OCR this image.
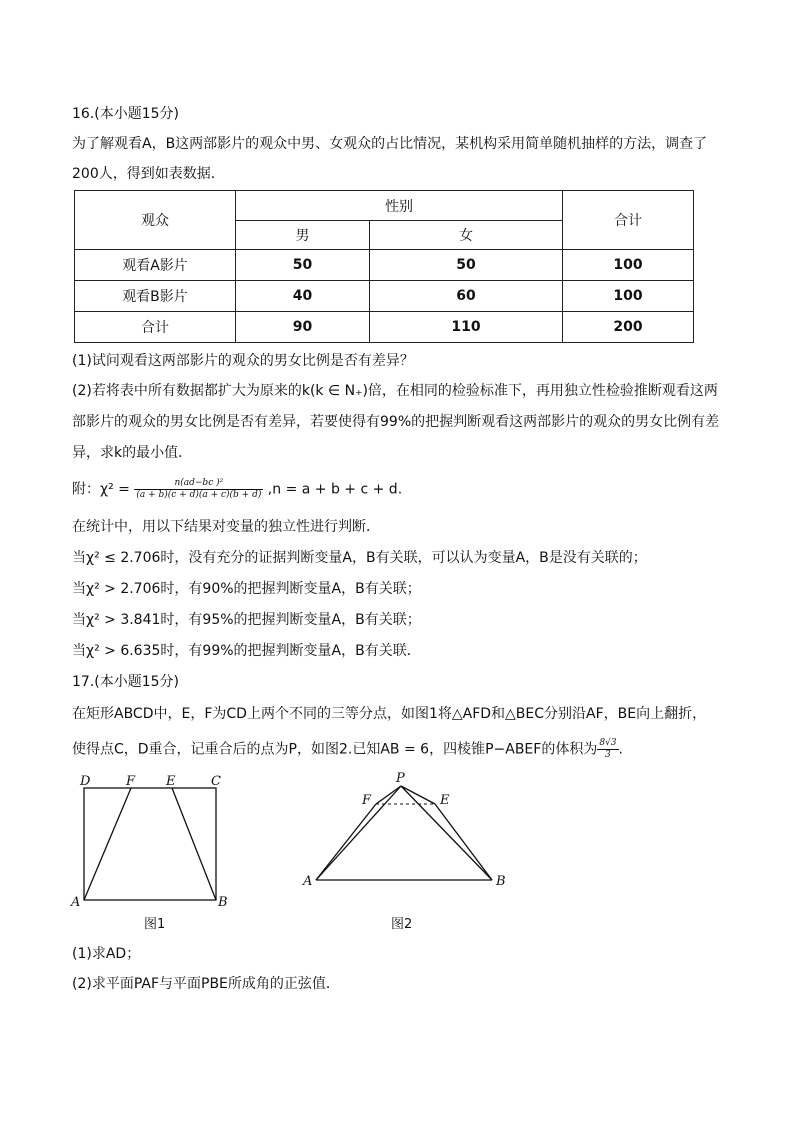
16.(本小题15分)
为了解观看A，B这两部影片的观众中男、女观众的占比情况，某机构采用简单随机抽样的方法，调查了
200人，得到如表数据．
观众	性别		合计
	男	女	
观看A影片	50	50	100
观看B影片	40	60	100
合计	90	110	200
(1)试问观看这两部影片的观众的男女比例是否有差异？
(2)若将表中所有数据都扩大为原来的k(k ∈ N₊)倍，在相同的检验标准下，再用独立性检验推断观看这两
部影片的观众的男女比例是否有差异，若要使得有99%的把握判断观看这两部影片的观众的男女比例有差
异，求k的最小值．
附：$\chi^2 = \frac{\text{n(ad−bc )²}}{(a + b)(c + d)(a + c)(b + d)} ,n = a + b + c + d$.
在统计中，用以下结果对变量的独立性进行判断．
当χ² ≤ 2.706时，没有充分的证据判断变量A，B有关联，可以认为变量A，B是没有关联的；
当χ² > 2.706时，有90%的把握判断变量A，B有关联；
当χ² > 3.841时，有95%的把握判断变量A，B有关联；
当χ² > 6.635时，有99%的把握判断变量A，B有关联．
17.(本小题15分)
在矩形ABCD中，E，F为CD上两个不同的三等分点，如图1将△AFD和△BEC分别沿AF，BE向上翻折，
使得点C，D重合，记重合后的点为P，如图2.已知AB = 6，四棱锥P−ABEF的体积为 $\frac{8√3}{3}$ .
D	F E	C
A	B
图1
P
F	E
A	B
图2
(1)求AD；
(2)求平面PAF与平面PBE所成角的正弦值．
